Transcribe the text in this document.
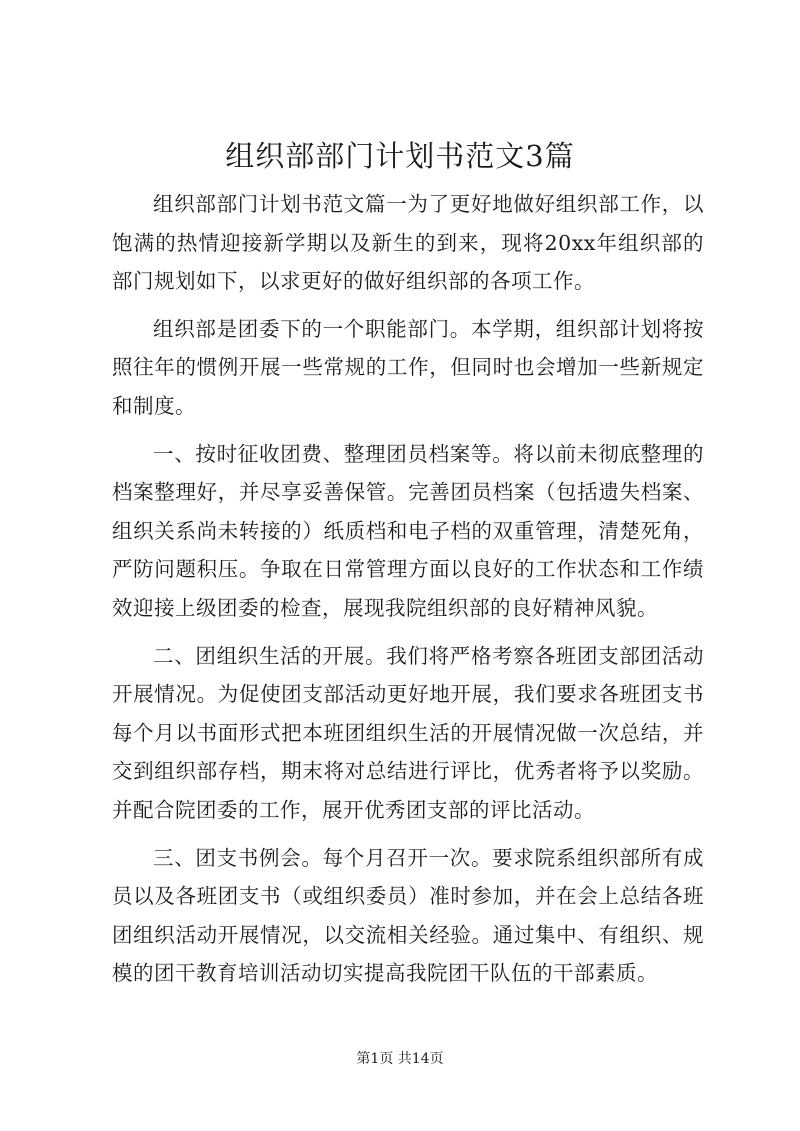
组织部部门计划书范文3篇

组织部部门计划书范文篇一为了更好地做好组织部工作，以饱满的热情迎接新学期以及新生的到来，现将20xx年组织部的部门规划如下，以求更好的做好组织部的各项工作。

组织部是团委下的一个职能部门。本学期，组织部计划将按照往年的惯例开展一些常规的工作，但同时也会增加一些新规定和制度。

一、按时征收团费、整理团员档案等。将以前未彻底整理的档案整理好，并尽享妥善保管。完善团员档案（包括遗失档案、组织关系尚未转接的）纸质档和电子档的双重管理，清楚死角，严防问题积压。争取在日常管理方面以良好的工作状态和工作绩效迎接上级团委的检查，展现我院组织部的良好精神风貌。

二、团组织生活的开展。我们将严格考察各班团支部团活动开展情况。为促使团支部活动更好地开展，我们要求各班团支书每个月以书面形式把本班团组织生活的开展情况做一次总结，并交到组织部存档，期末将对总结进行评比，优秀者将予以奖励。并配合院团委的工作，展开优秀团支部的评比活动。

三、团支书例会。每个月召开一次。要求院系组织部所有成员以及各班团支书（或组织委员）准时参加，并在会上总结各班团组织活动开展情况，以交流相关经验。通过集中、有组织、规模的团干教育培训活动切实提高我院团干队伍的干部素质。

第1页 共14页
